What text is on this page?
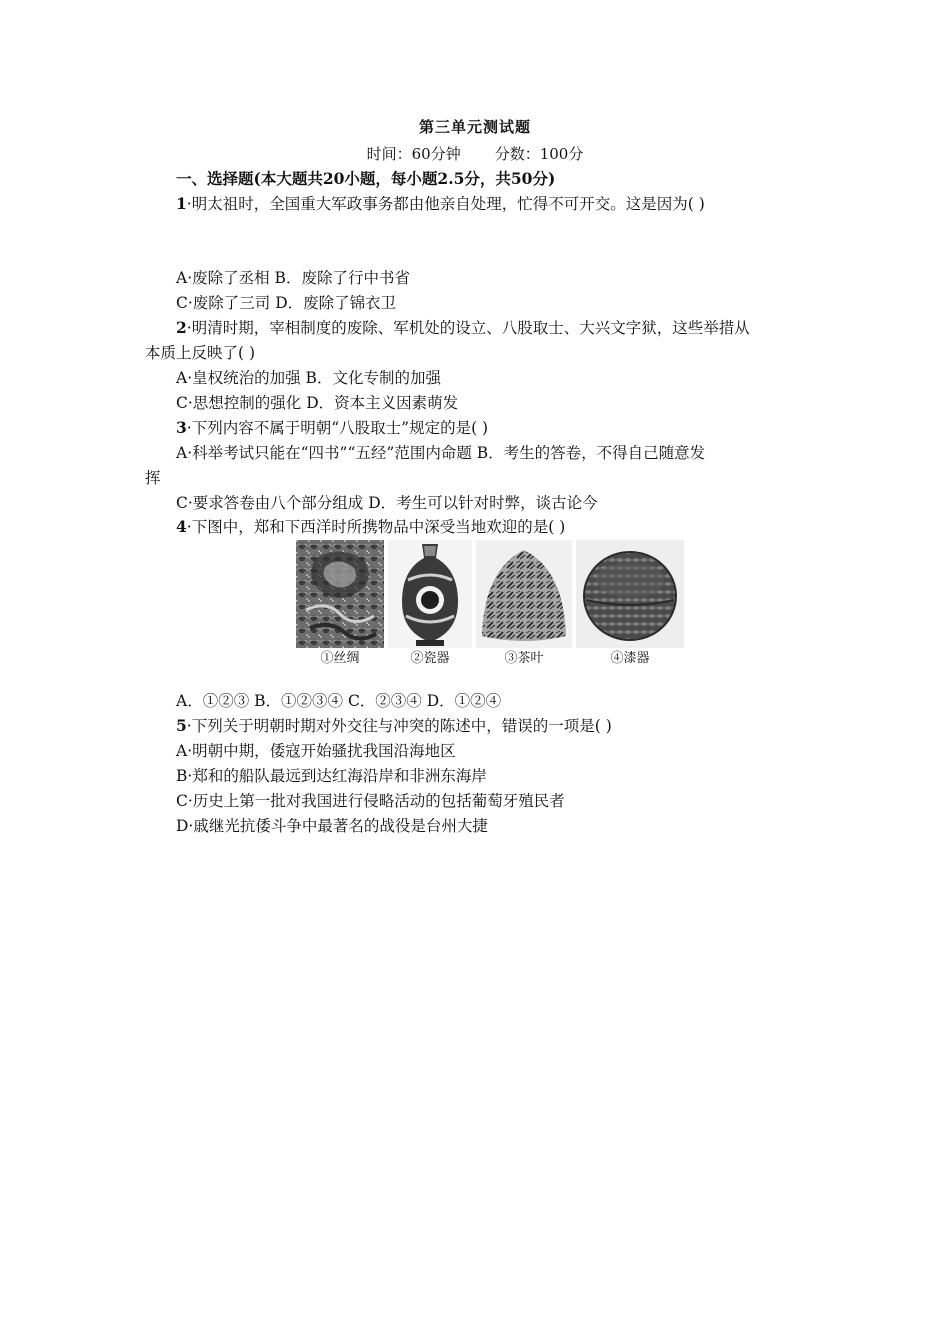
第三单元测试题
时间：60分钟 分数：100分
一、选择题(本大题共20小题，每小题2.5分，共50分)
1·明太祖时，全国重大军政事务都由他亲自处理，忙得不可开交。这是因为( )
A·废除了丞相 B．废除了行中书省
C·废除了三司 D．废除了锦衣卫
2·明清时期，宰相制度的废除、军机处的设立、八股取士、大兴文字狱，这些举措从
本质上反映了( )
A·皇权统治的加强 B．文化专制的加强
C·思想控制的强化 D．资本主义因素萌发
3·下列内容不属于明朝“八股取士”规定的是( )
A·科举考试只能在“四书”“五经”范围内命题 B．考生的答卷，不得自己随意发
挥
C·要求答卷由八个部分组成 D．考生可以针对时弊，谈古论今
4·下图中，郑和下西洋时所携物品中深受当地欢迎的是( )
①丝绸	②瓷器	③茶叶	④漆器
A．①②③ B．①②③④ C．②③④ D．①②④
5·下列关于明朝时期对外交往与冲突的陈述中，错误的一项是( )
A·明朝中期，倭寇开始骚扰我国沿海地区
B·郑和的船队最远到达红海沿岸和非洲东海岸
C·历史上第一批对我国进行侵略活动的包括葡萄牙殖民者
D·戚继光抗倭斗争中最著名的战役是台州大捷
